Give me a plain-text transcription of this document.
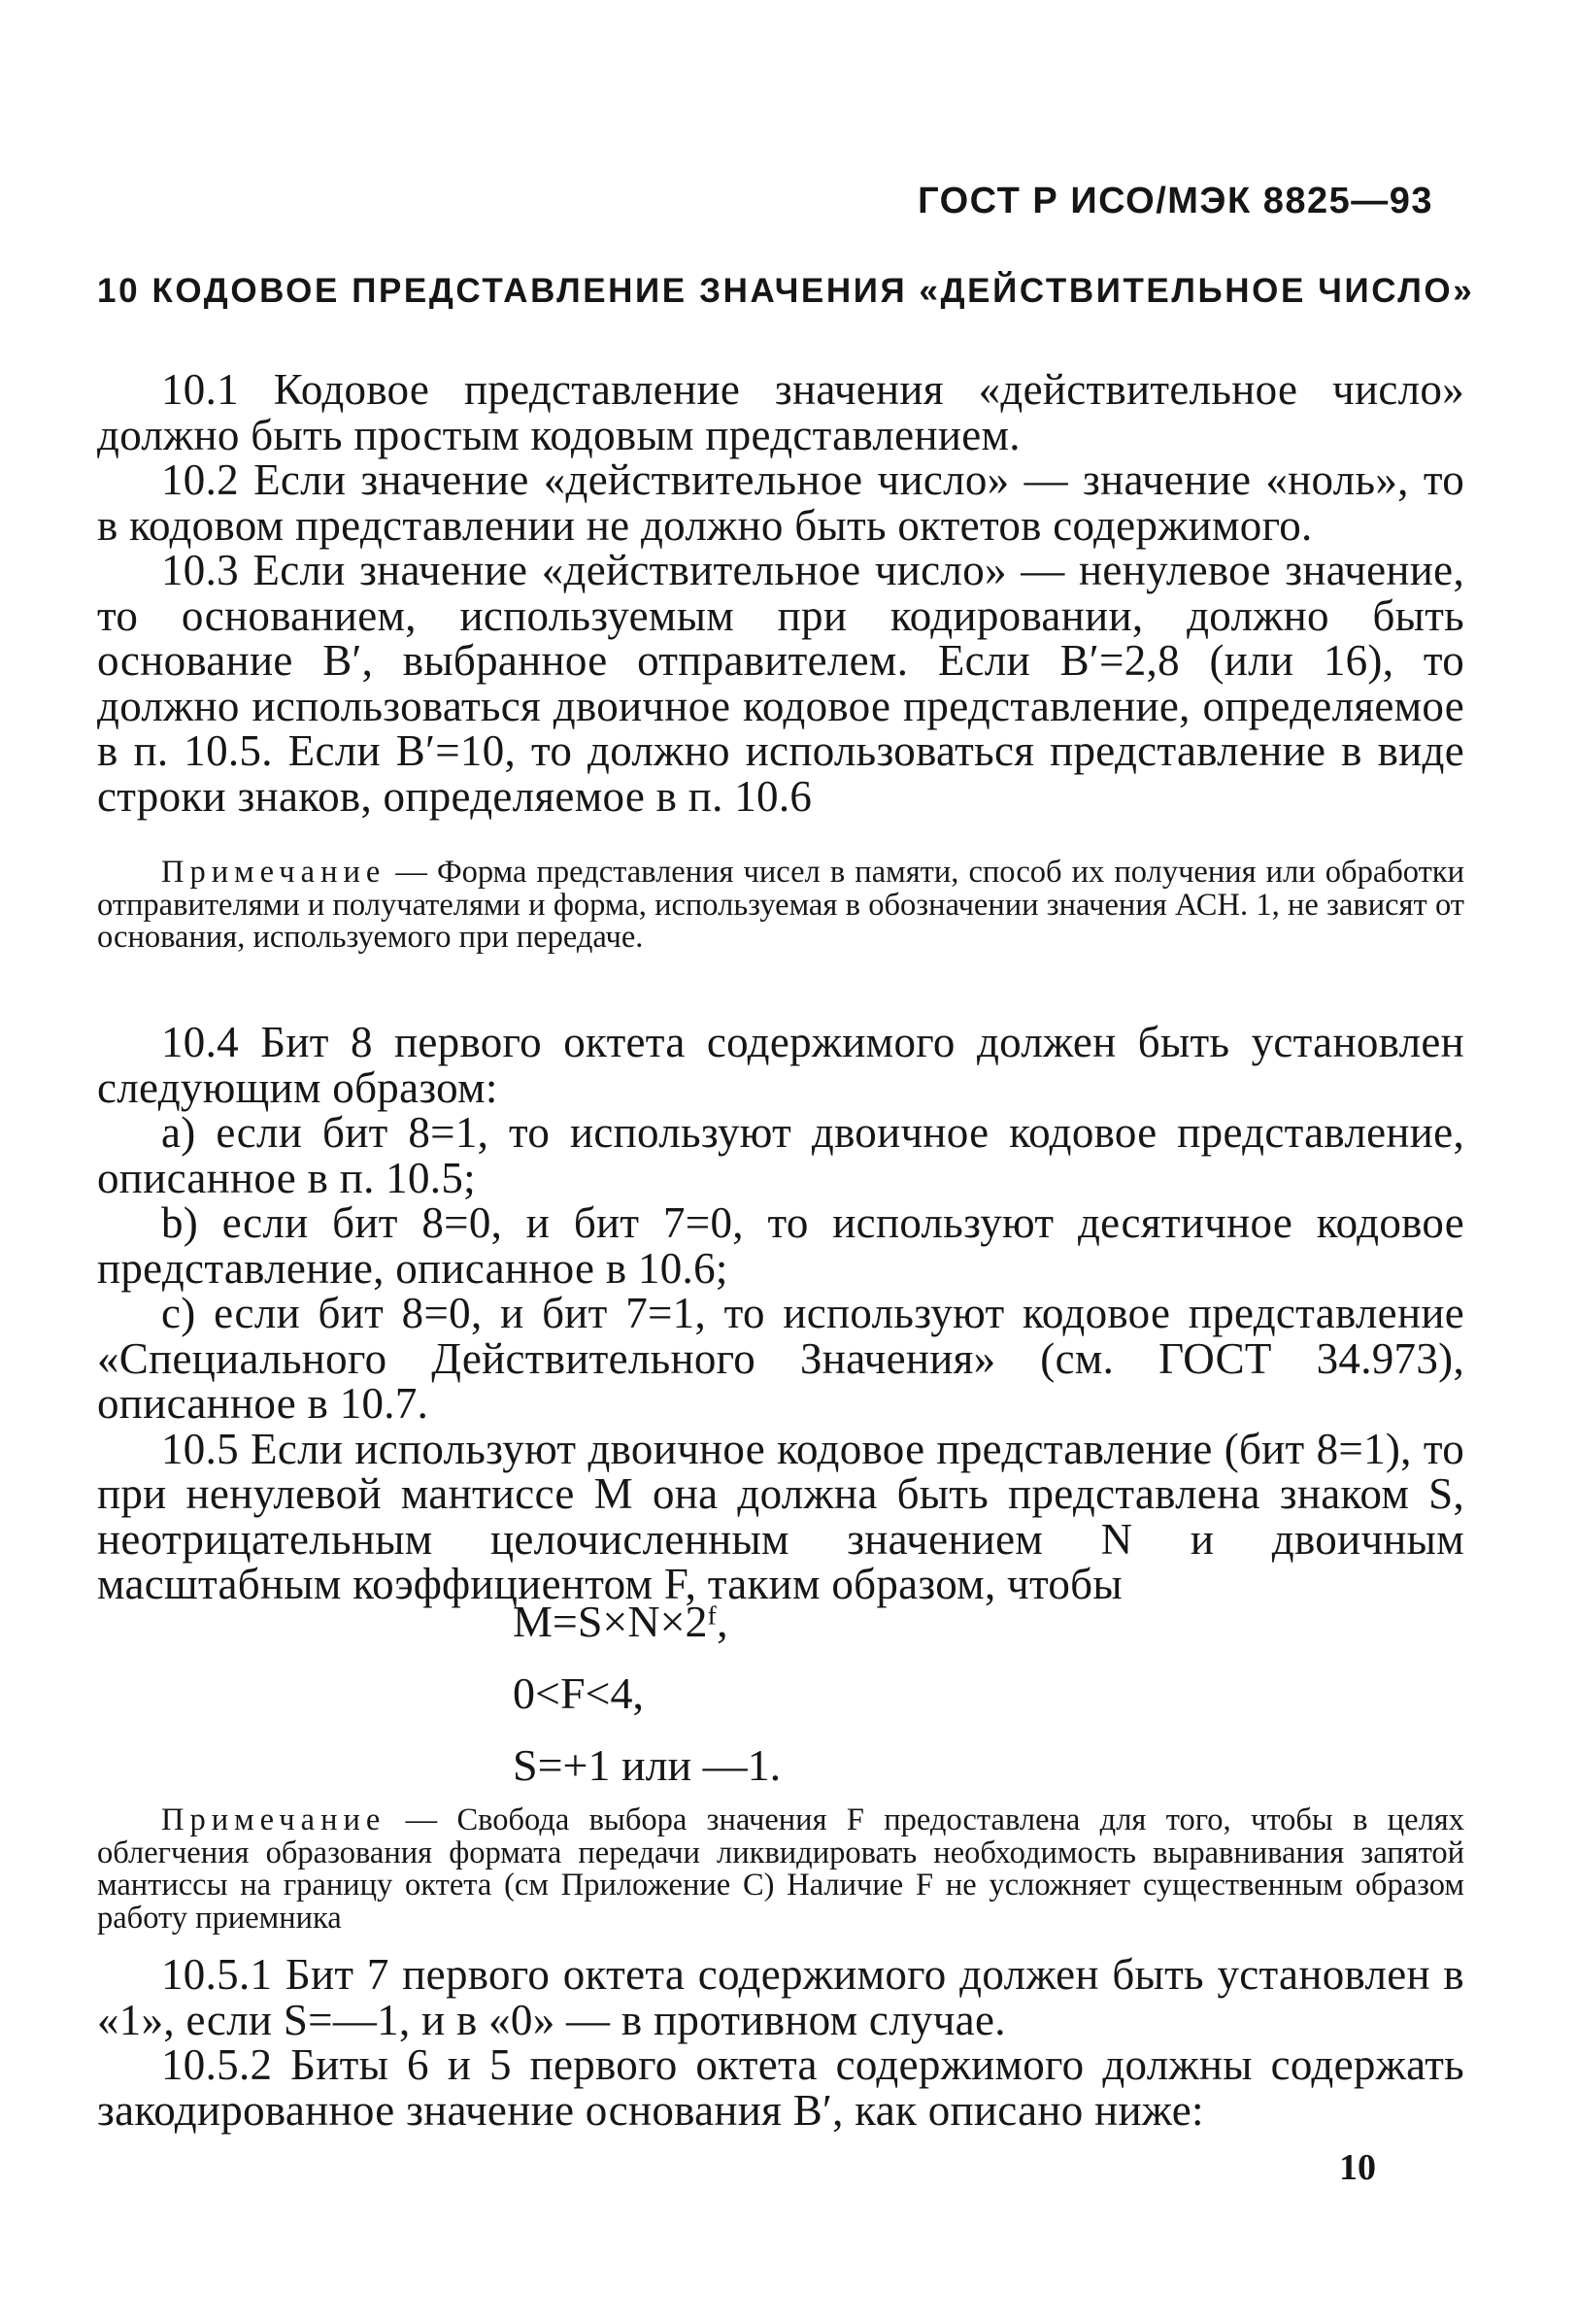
ГОСТ Р ИСО/МЭК 8825—93
10 КОДОВОЕ ПРЕДСТАВЛЕНИЕ ЗНАЧЕНИЯ «ДЕЙСТВИТЕЛЬНОЕ ЧИСЛО»

10.1 Кодовое представление значения «действительное число» должно быть простым кодовым представлением.

10.2 Если значение «действительное число» — значение «ноль», то в кодовом представлении не должно быть октетов содержимого.

10.3 Если значение «действительное число» — ненулевое значение, то основанием, используемым при кодировании, должно быть основание B′, выбранное отправителем. Если B′=2,8 (или 16), то должно использоваться двоичное кодовое представление, определяемое в п. 10.5. Если B′=10, то должно использоваться представление в виде строки знаков, определяемое в п. 10.6

Примечание — Форма представления чисел в памяти, способ их получения или обработки отправителями и получателями и форма, используемая в обозначении значения АСН. 1, не зависят от основания, используемого при передаче.

10.4 Бит 8 первого октета содержимого должен быть установлен следующим образом:

a) если бит 8=1, то используют двоичное кодовое представление, описанное в п. 10.5;

b) если бит 8=0, и бит 7=0, то используют десятичное кодовое представление, описанное в 10.6;

c) если бит 8=0, и бит 7=1, то используют кодовое представление «Специального Действительного Значения» (см. ГОСТ 34.973), описанное в 10.7.

10.5 Если используют двоичное кодовое представление (бит 8=1), то при ненулевой мантиссе M она должна быть представлена знаком S, неотрицательным целочисленным значением N и двоичным масштабным коэффициентом F, таким образом, чтобы

M=S×N×2ᶠ,
0<F<4,
S=+1 или —1.

Примечание — Свобода выбора значения F предоставлена для того, чтобы в целях облегчения образования формата передачи ликвидировать необходимость выравнивания запятой мантиссы на границу октета (см Приложение С) Наличие F не усложняет существенным образом работу приемника

10.5.1 Бит 7 первого октета содержимого должен быть установлен в «1», если S=—1, и в «0» — в противном случае.

10.5.2 Биты 6 и 5 первого октета содержимого должны содержать закодированное значение основания B′, как описано ниже:

10
